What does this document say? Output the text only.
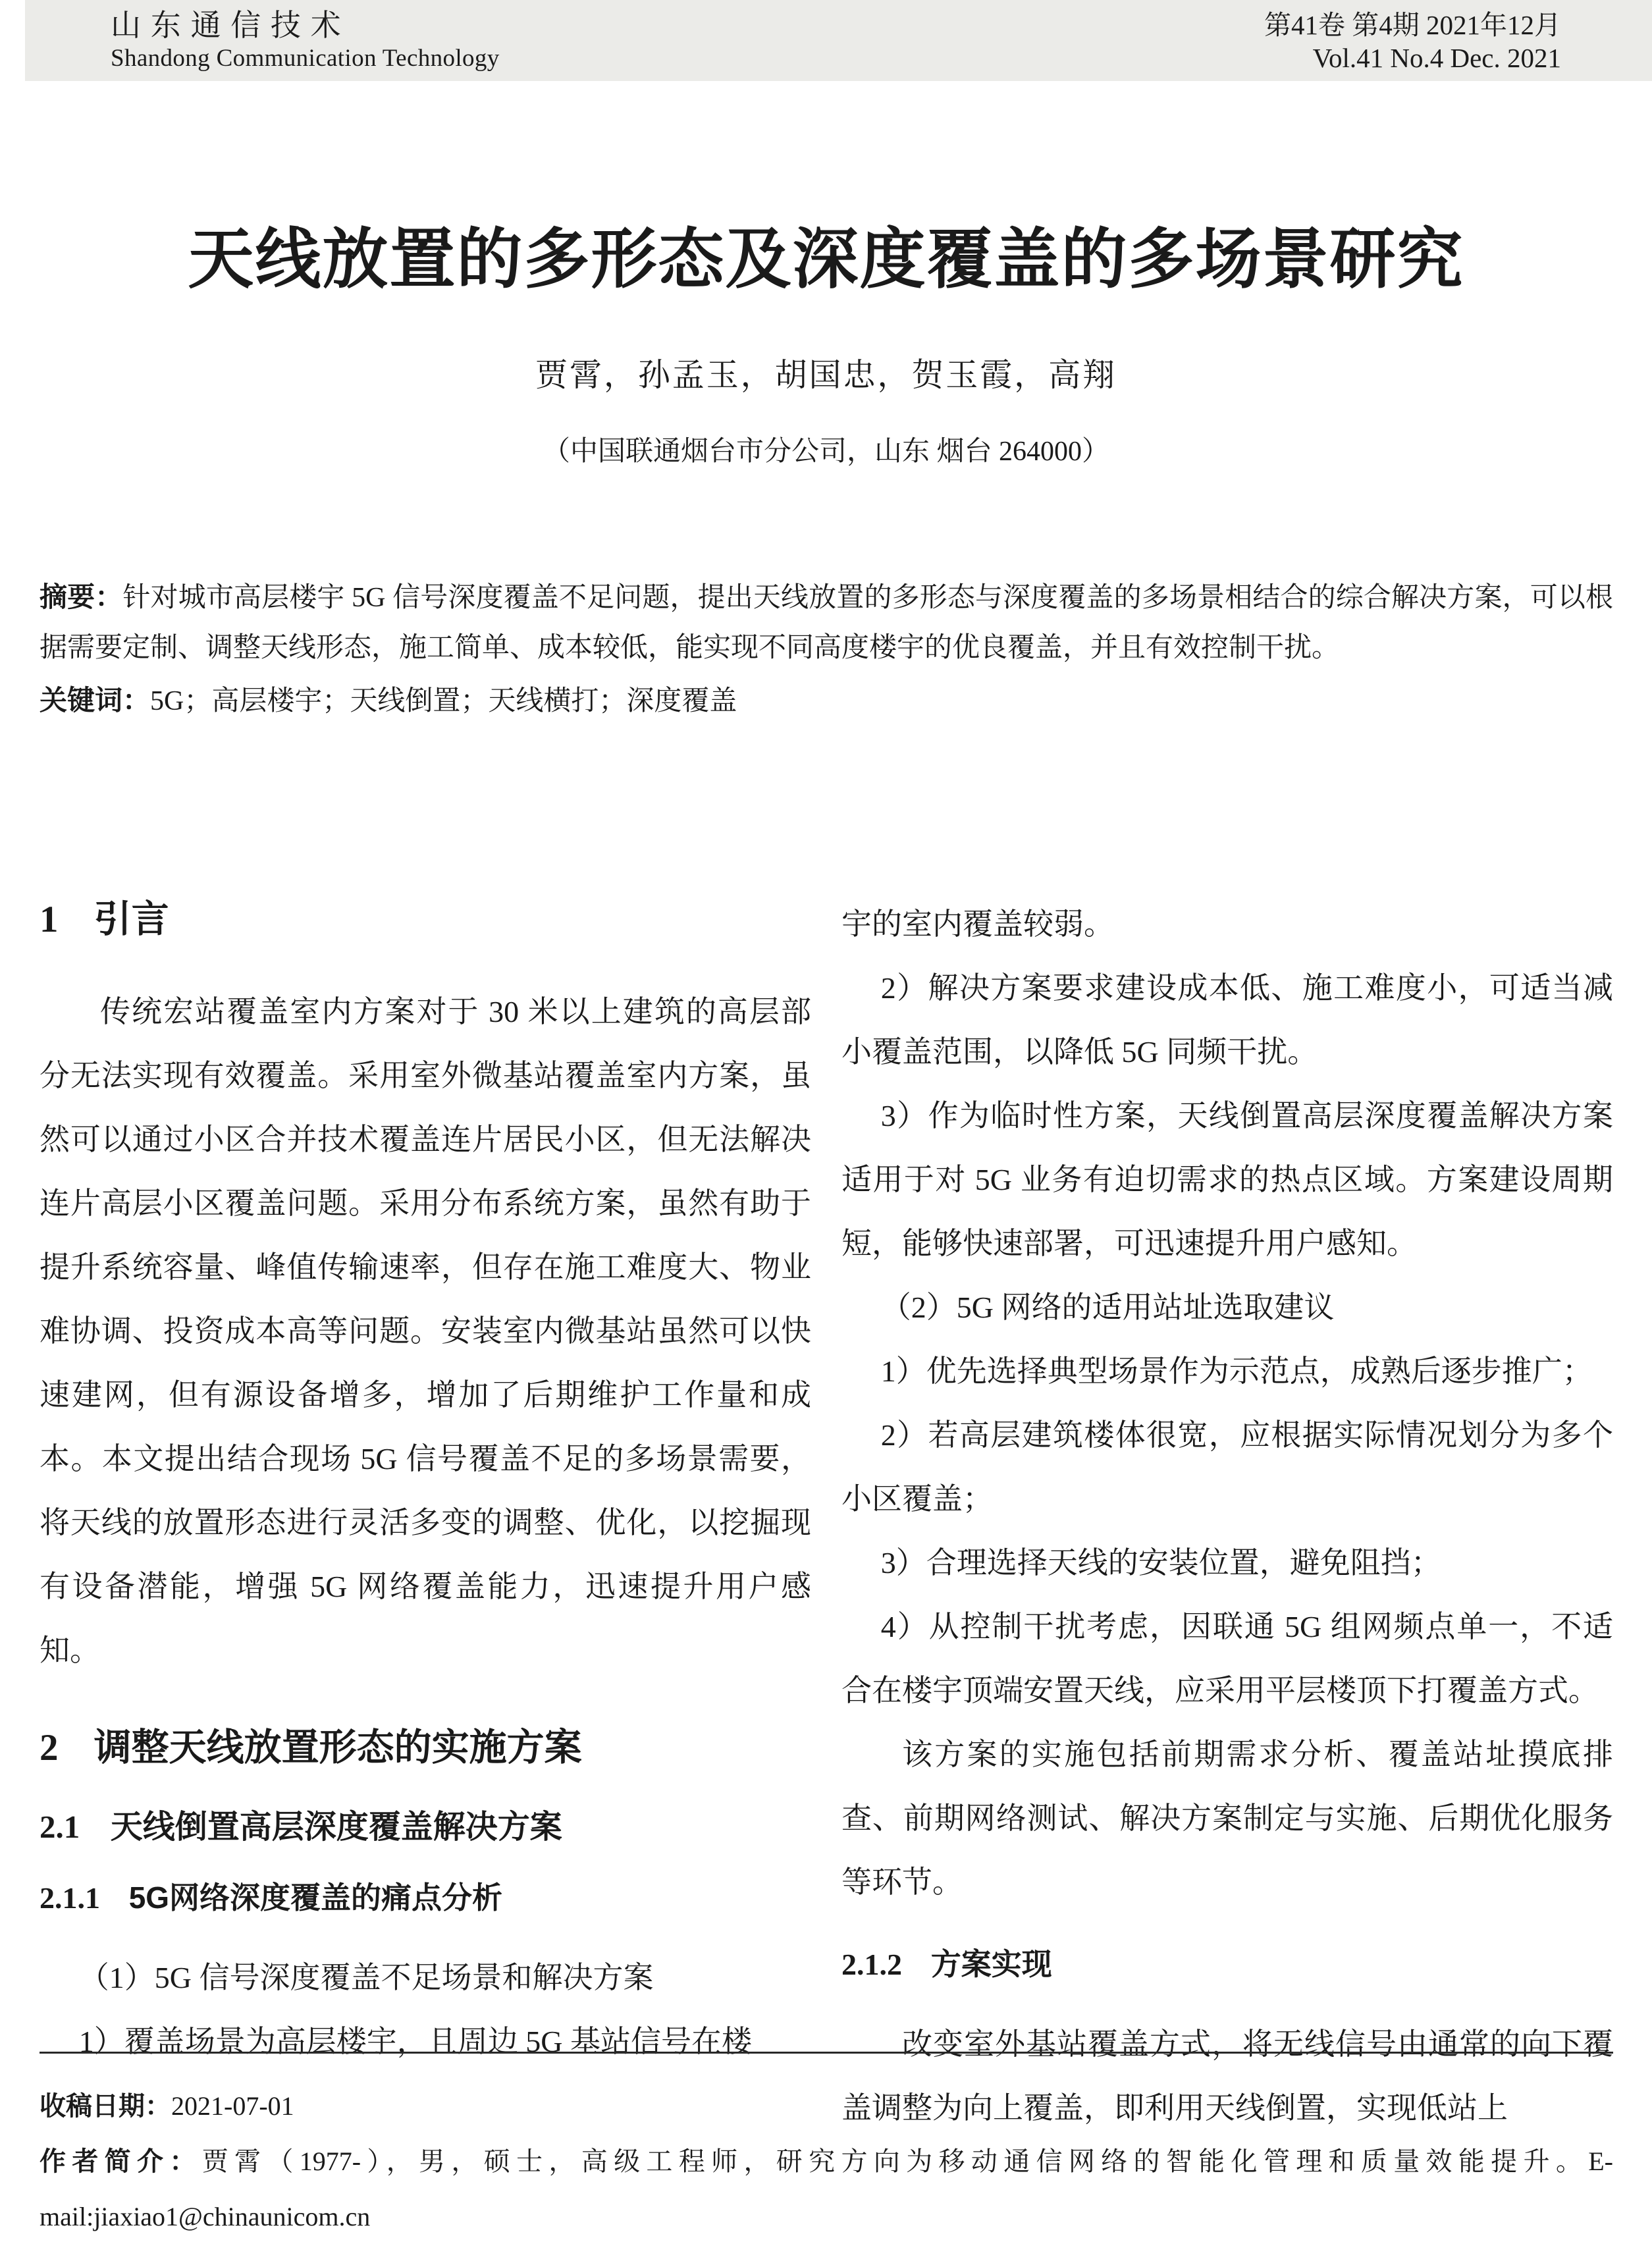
山东通信技术
Shandong Communication Technology
第41卷 第4期 2021年12月
Vol.41 No.4 Dec. 2021
天线放置的多形态及深度覆盖的多场景研究
贾霄，孙孟玉，胡国忠，贺玉霞，高翔
（中国联通烟台市分公司，山东 烟台 264000）

摘要：针对城市高层楼宇 5G 信号深度覆盖不足问题，提出天线放置的多形态与深度覆盖的多场景相结合的综合解决方案，可以根据需要定制、调整天线形态，施工简单、成本较低，能实现不同高度楼宇的优良覆盖，并且有效控制干扰。

关键词：5G；高层楼宇；天线倒置；天线横打；深度覆盖

1 引言

传统宏站覆盖室内方案对于 30 米以上建筑的高层部分无法实现有效覆盖。采用室外微基站覆盖室内方案，虽然可以通过小区合并技术覆盖连片居民小区，但无法解决连片高层小区覆盖问题。采用分布系统方案，虽然有助于提升系统容量、峰值传输速率，但存在施工难度大、物业难协调、投资成本高等问题。安装室内微基站虽然可以快速建网，但有源设备增多，增加了后期维护工作量和成本。本文提出结合现场 5G 信号覆盖不足的多场景需要，将天线的放置形态进行灵活多变的调整、优化，以挖掘现有设备潜能，增强 5G 网络覆盖能力，迅速提升用户感知。

2 调整天线放置形态的实施方案
2.1 天线倒置高层深度覆盖解决方案
2.1.1 5G网络深度覆盖的痛点分析

（1）5G 信号深度覆盖不足场景和解决方案

1）覆盖场景为高层楼宇，且周边 5G 基站信号在楼

宇的室内覆盖较弱。

2）解决方案要求建设成本低、施工难度小，可适当减小覆盖范围，以降低 5G 同频干扰。

3）作为临时性方案，天线倒置高层深度覆盖解决方案适用于对 5G 业务有迫切需求的热点区域。方案建设周期短，能够快速部署，可迅速提升用户感知。

（2）5G 网络的适用站址选取建议

1）优先选择典型场景作为示范点，成熟后逐步推广；

2）若高层建筑楼体很宽，应根据实际情况划分为多个小区覆盖；

3）合理选择天线的安装位置，避免阻挡；

4）从控制干扰考虑，因联通 5G 组网频点单一，不适合在楼宇顶端安置天线，应采用平层楼顶下打覆盖方式。

该方案的实施包括前期需求分析、覆盖站址摸底排查、前期网络测试、解决方案制定与实施、后期优化服务等环节。

2.1.2 方案实现

改变室外基站覆盖方式，将无线信号由通常的向下覆盖调整为向上覆盖，即利用天线倒置，实现低站上

收稿日期：2021-07-01

作者简介：贾霄（1977-），男，硕士，高级工程师，研究方向为移动通信网络的智能化管理和质量效能提升。E-mail:jiaxiao1@chinaunicom.cn
